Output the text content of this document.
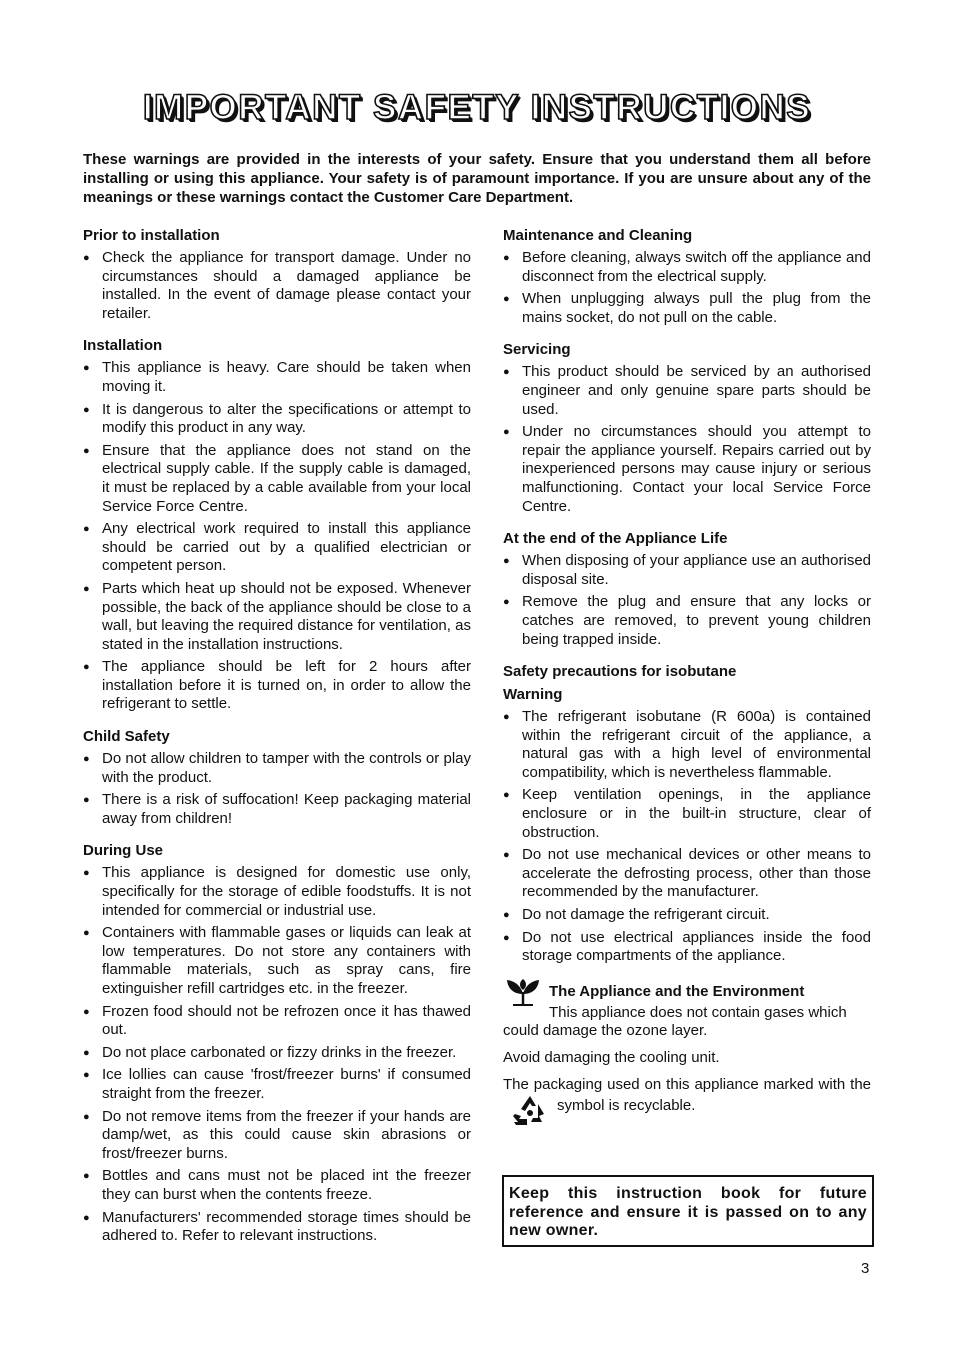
IMPORTANT SAFETY INSTRUCTIONS

These warnings are provided in the interests of your safety. Ensure that you understand them all before installing or using this appliance. Your safety is of paramount importance. If you are unsure about any of the meanings or these warnings contact the Customer Care Department.

Prior to installation
● Check the appliance for transport damage. Under no circumstances should a damaged appliance be installed. In the event of damage please contact your retailer.
Installation
● This appliance is heavy. Care should be taken when moving it.
● It is dangerous to alter the specifications or attempt to modify this product in any way.
● Ensure that the appliance does not stand on the electrical supply cable. If the supply cable is damaged, it must be replaced by a cable available from your local Service Force Centre.
● Any electrical work required to install this appliance should be carried out by a qualified electrician or competent person.
● Parts which heat up should not be exposed. Whenever possible, the back of the appliance should be close to a wall, but leaving the required distance for ventilation, as stated in the installation instructions.
● The appliance should be left for 2 hours after installation before it is turned on, in order to allow the refrigerant to settle.
Child Safety
● Do not allow children to tamper with the controls or play with the product.
● There is a risk of suffocation! Keep packaging material away from children!
During Use
● This appliance is designed for domestic use only, specifically for the storage of edible foodstuffs. It is not intended for commercial or industrial use.
● Containers with flammable gases or liquids can leak at low temperatures. Do not store any containers with flammable materials, such as spray cans, fire extinguisher refill cartridges etc. in the freezer.
● Frozen food should not be refrozen once it has thawed out.
● Do not place carbonated or fizzy drinks in the freezer.
● Ice lollies can cause 'frost/freezer burns' if consumed straight from the freezer.
● Do not remove items from the freezer if your hands are damp/wet, as this could cause skin abrasions or frost/freezer burns.
● Bottles and cans must not be placed int the freezer they can burst when the contents freeze.
● Manufacturers' recommended storage times should be adhered to. Refer to relevant instructions.
Maintenance and Cleaning
● Before cleaning, always switch off the appliance and disconnect from the electrical supply.
● When unplugging always pull the plug from the mains socket, do not pull on the cable.
Servicing
● This product should be serviced by an authorised engineer and only genuine spare parts should be used.
● Under no circumstances should you attempt to repair the appliance yourself. Repairs carried out by inexperienced persons may cause injury or serious malfunctioning. Contact your local Service Force Centre.
At the end of the Appliance Life
● When disposing of your appliance use an authorised disposal site.
● Remove the plug and ensure that any locks or catches are removed, to prevent young children being trapped inside.
Safety precautions for isobutane
Warning
● The refrigerant isobutane (R 600a) is contained within the refrigerant circuit of the appliance, a natural gas with a high level of environmental compatibility, which is nevertheless flammable.
● Keep ventilation openings, in the appliance enclosure or in the built-in structure, clear of obstruction.
● Do not use mechanical devices or other means to accelerate the defrosting process, other than those recommended by the manufacturer.
● Do not damage the refrigerant circuit.
● Do not use electrical appliances inside the food storage compartments of the appliance.

The Appliance and the Environment

This appliance does not contain gases which

could damage the ozone layer.

Avoid damaging the cooling unit.

The packaging used on this appliance marked with thesymbol is recyclable.

Keep this instruction book for future reference and ensure it is passed on to any new owner.
3
